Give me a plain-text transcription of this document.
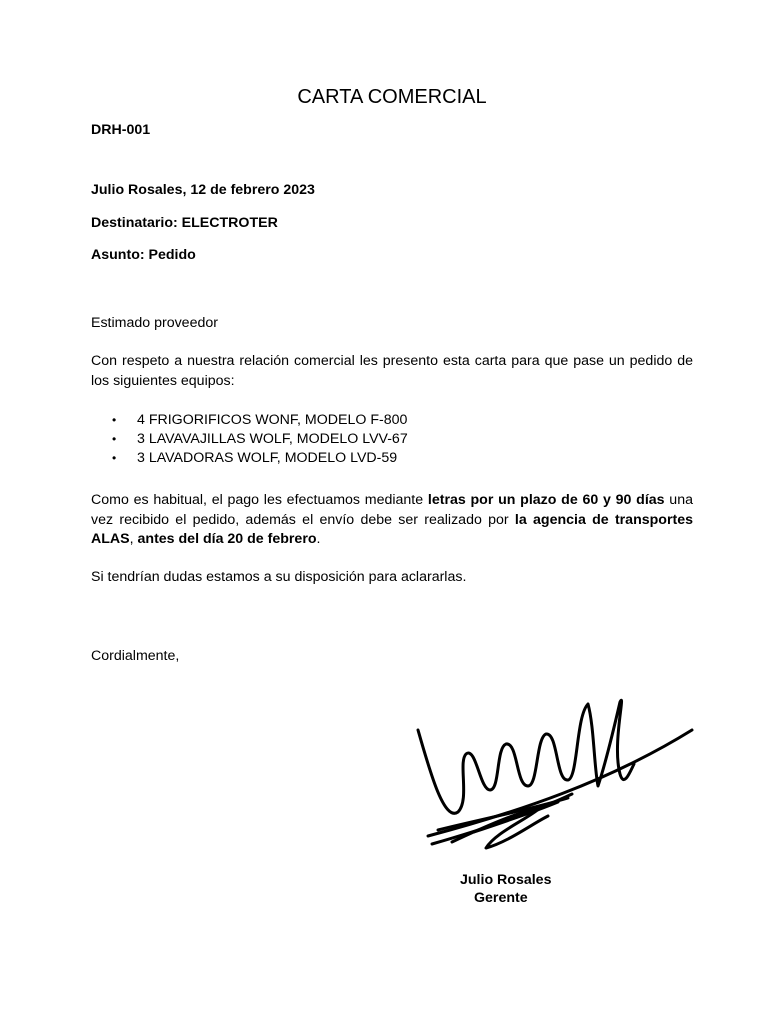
CARTA COMERCIAL
DRH-001
Julio Rosales, 12 de febrero 2023
Destinatario: ELECTROTER
Asunto: Pedido
Estimado proveedor
Con respeto a nuestra relación comercial les presento esta carta para que pase un pedido de los siguientes equipos:
• 4 FRIGORIFICOS WONF, MODELO F-800
• 3 LAVAVAJILLAS WOLF, MODELO LVV-67
• 3 LAVADORAS WOLF, MODELO LVD-59
Como es habitual, el pago les efectuamos mediante letras por un plazo de 60 y 90 días una vez recibido el pedido, además el envío debe ser realizado por la agencia de transportes ALAS, antes del día 20 de febrero.
Si tendrían dudas estamos a su disposición para aclararlas.
Cordialmente,
Julio Rosales
Gerente
